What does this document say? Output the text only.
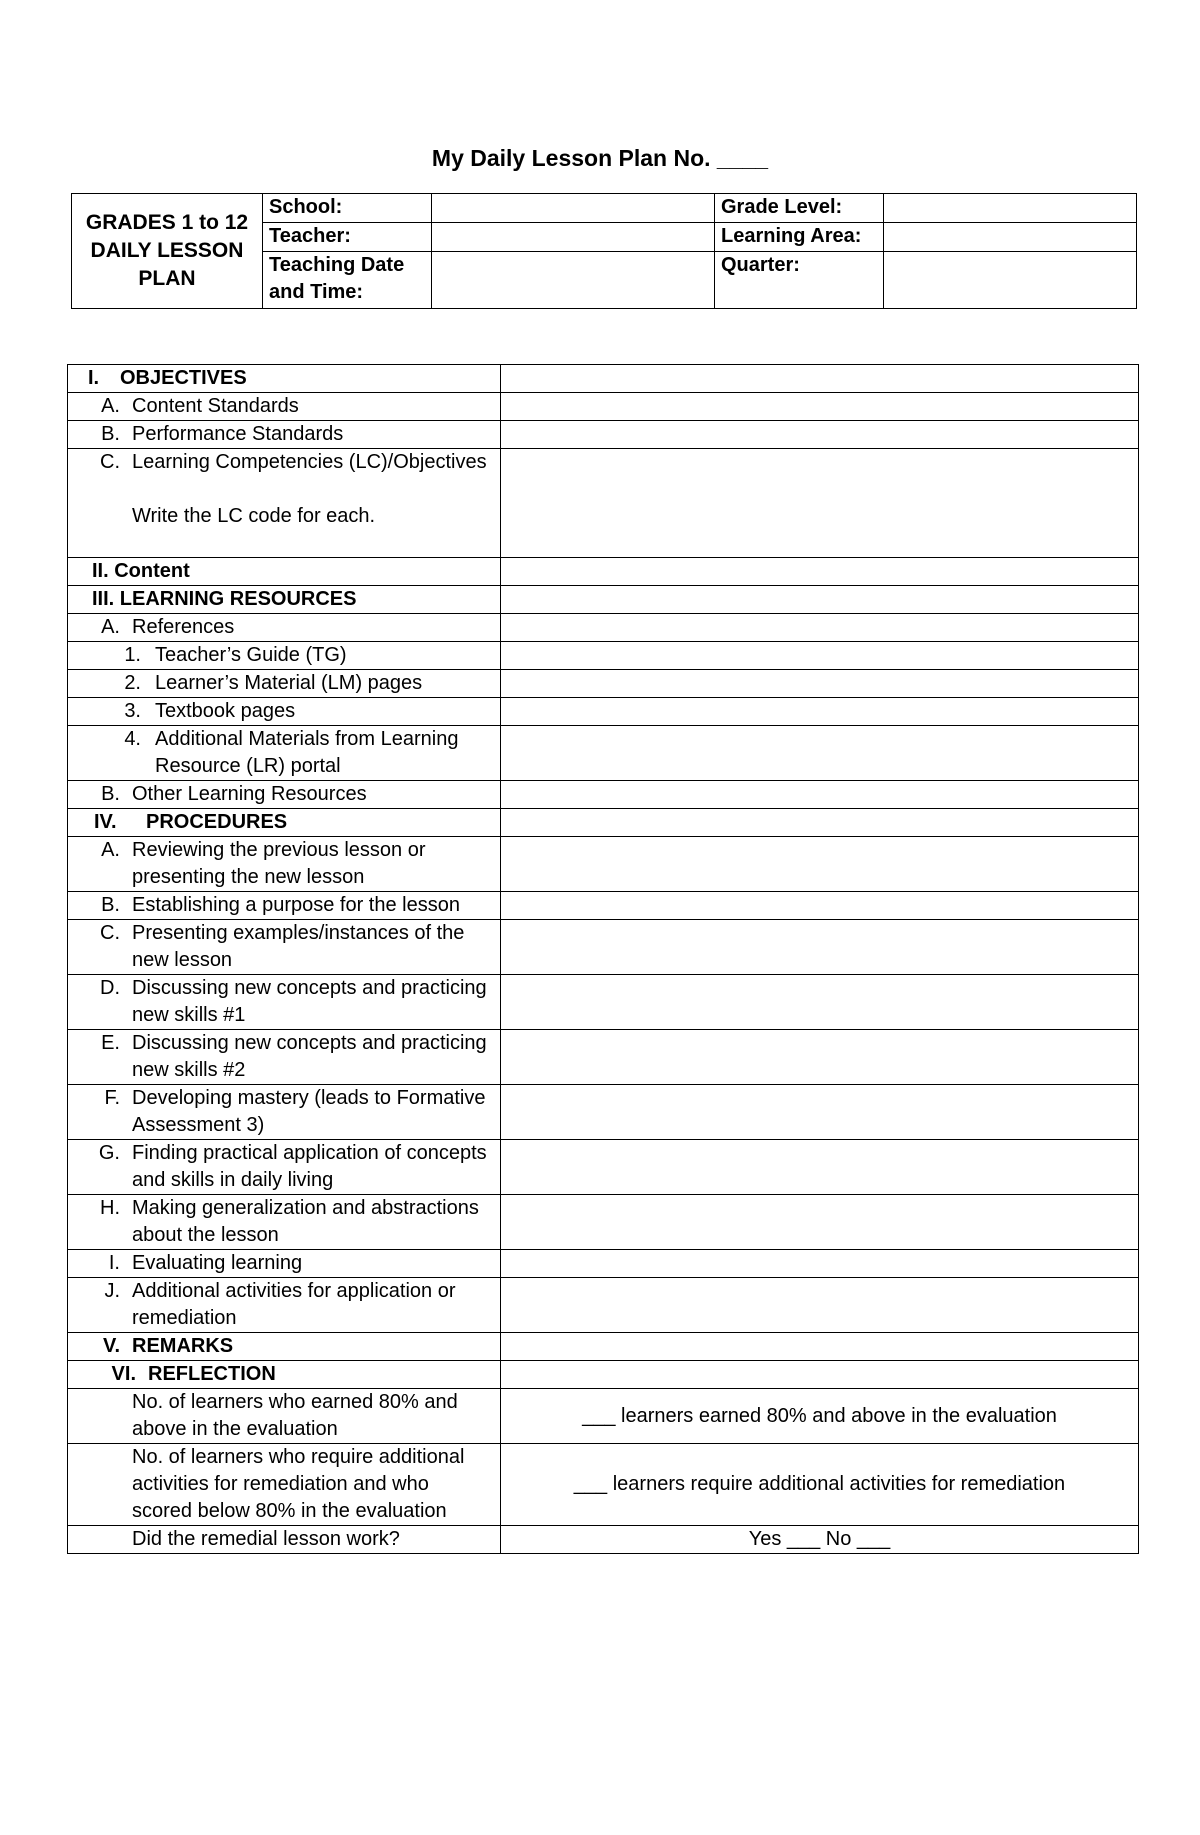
My Daily Lesson Plan No. ____
GRADES 1 to 12 DAILY LESSON PLAN	School:		Grade Level:	
	Teacher:		Learning Area:	
	Teaching Date and Time:		Quarter:	
I. OBJECTIVES	

A. Content Standards	

B. Performance Standards	

C. Learning Competencies (LC)/Objectives
Write the LC code for each.	

II. Content	
III. LEARNING RESOURCES	

A. References	

1. Teacher’s Guide (TG)	

2. Learner’s Material (LM) pages	

3. Textbook pages	

4. Additional Materials from Learning Resource (LR) portal	

B. Other Learning Resources	

IV. PROCEDURES	

A. Reviewing the previous lesson or presenting the new lesson	

B. Establishing a purpose for the lesson	

C. Presenting examples/instances of the new lesson	

D. Discussing new concepts and practicing new skills #1	

E. Discussing new concepts and practicing new skills #2	

F. Developing mastery (leads to Formative Assessment 3)	

G. Finding practical application of concepts and skills in daily living	

H. Making generalization and abstractions about the lesson	

I. Evaluating learning	

J. Additional activities for application or remediation	

V. REMARKS	

VI. REFLECTION	

No. of learners who earned 80% and above in the evaluation	___ learners earned 80% and above in the evaluation

No. of learners who require additional activities for remediation and who scored below 80% in the evaluation	___ learners require additional activities for remediation

Did the remedial lesson work?	Yes ___ No ___
